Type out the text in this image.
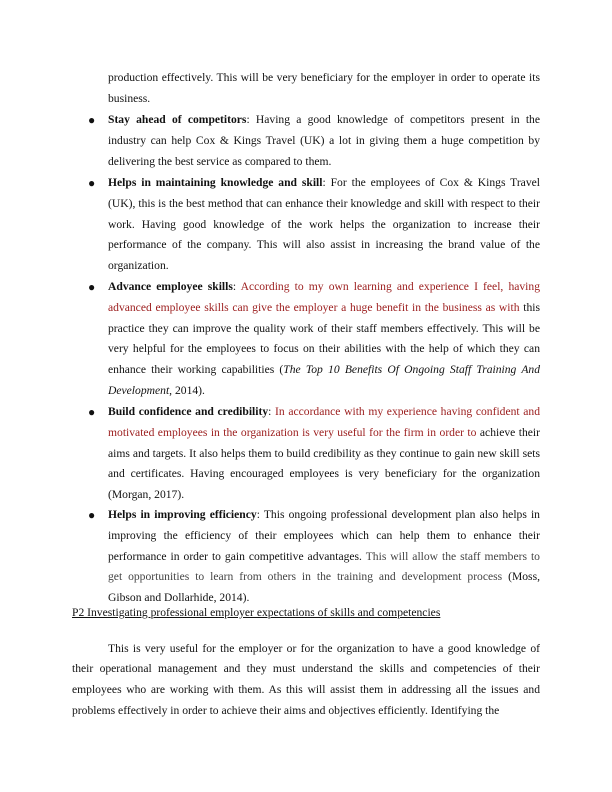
production effectively. This will be very beneficiary for the employer in order to operate its business.

● Stay ahead of competitors: Having a good knowledge of competitors present in the industry can help Cox & Kings Travel (UK) a lot in giving them a huge competition by delivering the best service as compared to them.
● Helps in maintaining knowledge and skill: For the employees of Cox & Kings Travel (UK), this is the best method that can enhance their knowledge and skill with respect to their work. Having good knowledge of the work helps the organization to increase their performance of the company. This will also assist in increasing the brand value of the organization.
● Advance employee skills: According to my own learning and experience I feel, having advanced employee skills can give the employer a huge benefit in the business as with this practice they can improve the quality work of their staff members effectively. This will be very helpful for the employees to focus on their abilities with the help of which they can enhance their working capabilities (The Top 10 Benefits Of Ongoing Staff Training And Development, 2014).
● Build confidence and credibility: In accordance with my experience having confident and motivated employees in the organization is very useful for the firm in order to achieve their aims and targets. It also helps them to build credibility as they continue to gain new skill sets and certificates. Having encouraged employees is very beneficiary for the organization (Morgan, 2017).
● Helps in improving efficiency: This ongoing professional development plan also helps in improving the efficiency of their employees which can help them to enhance their performance in order to gain competitive advantages. This will allow the staff members to get opportunities to learn from others in the training and development process (Moss, Gibson and Dollarhide, 2014).
P2 Investigating professional employer expectations of skills and competencies

This is very useful for the employer or for the organization to have a good knowledge of their operational management and they must understand the skills and competencies of their employees who are working with them. As this will assist them in addressing all the issues and problems effectively in order to achieve their aims and objectives efficiently. Identifying the
